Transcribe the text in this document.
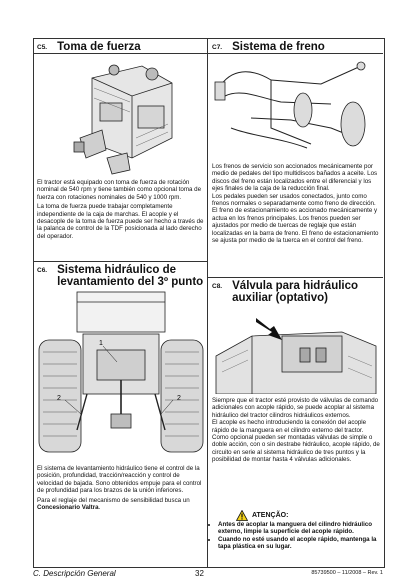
C5. Toma de fuerza

El tractor está equipado con toma de fuerza de rotación nominal de 540 rpm y tiene también como opcional toma de fuerza con rotaciones nominales de 540 y 1000 rpm.

La toma de fuerza puede trabajar completamente independiente de la caja de marchas. El acople y el desacople de la toma de fuerza puede ser hecho a través de la palanca de control de la TDF posicionada al lado derecho del operador.

C6. Sistema hidráulico de levantamiento del 3º punto
1
2	2

El sistema de levantamiento hidráulico tiene el control de la posición, profundidad, tracción/reacción y control de velocidad de bajada. Sono obtenidos empuje para el control de profundidad para los brazos de la unión inferiores.

Para el reglaje del mecanismo de sensibilidad busca un Concesionario Valtra.

C7. Sistema de freno

Los frenos de servicio son accionados mecánicamente por medio de pedales del tipo multidiscos bañados a aceite. Los discos del freno están localizados entre el diferencial y los ejes finales de la caja de la reducción final.

Los pedales pueden ser usados conectados, junto como frenos normales o separadamente como freno de dirección.

El freno de estacionamiento es accionado mecánicamente y actua en los frenos principales. Los frenos pueden ser ajustados por medio de tuercas de reglaje que están localizadas en la barra de freno. El freno de estacionamiento se ajusta por medio de la tuerca en el control del freno.

C8. Válvula para hidráulico auxiliar (optativo)

Siempre que el tractor esté provisto de válvulas de comando adicionales con acople rápido, se puede acoplar al sistema hidráulico del tractor cilindros hidráulicos externos.

El acople es hecho introduciendo la conexión del acople rápido de la manguera en el cilindro externo del tractor.

Como opcional pueden ser montadas válvulas de simple o doble acción, con o sin destrabe hidráulico, acople rápido, de circuito en serie al sistema hidráulico de tres puntos y la posibilidad de montar hasta 4 válvulas adicionales.

ATENÇÃO:
• Antes de acoplar la manguera del cilindro hidráulico externo, limpie la superficie del acople rápido.
• Cuando no esté usando el acople rápido, mantenga la tapa plástica en su lugar.
C. Descripción General	32	85739500 – 11/2008 – Rev. 1
